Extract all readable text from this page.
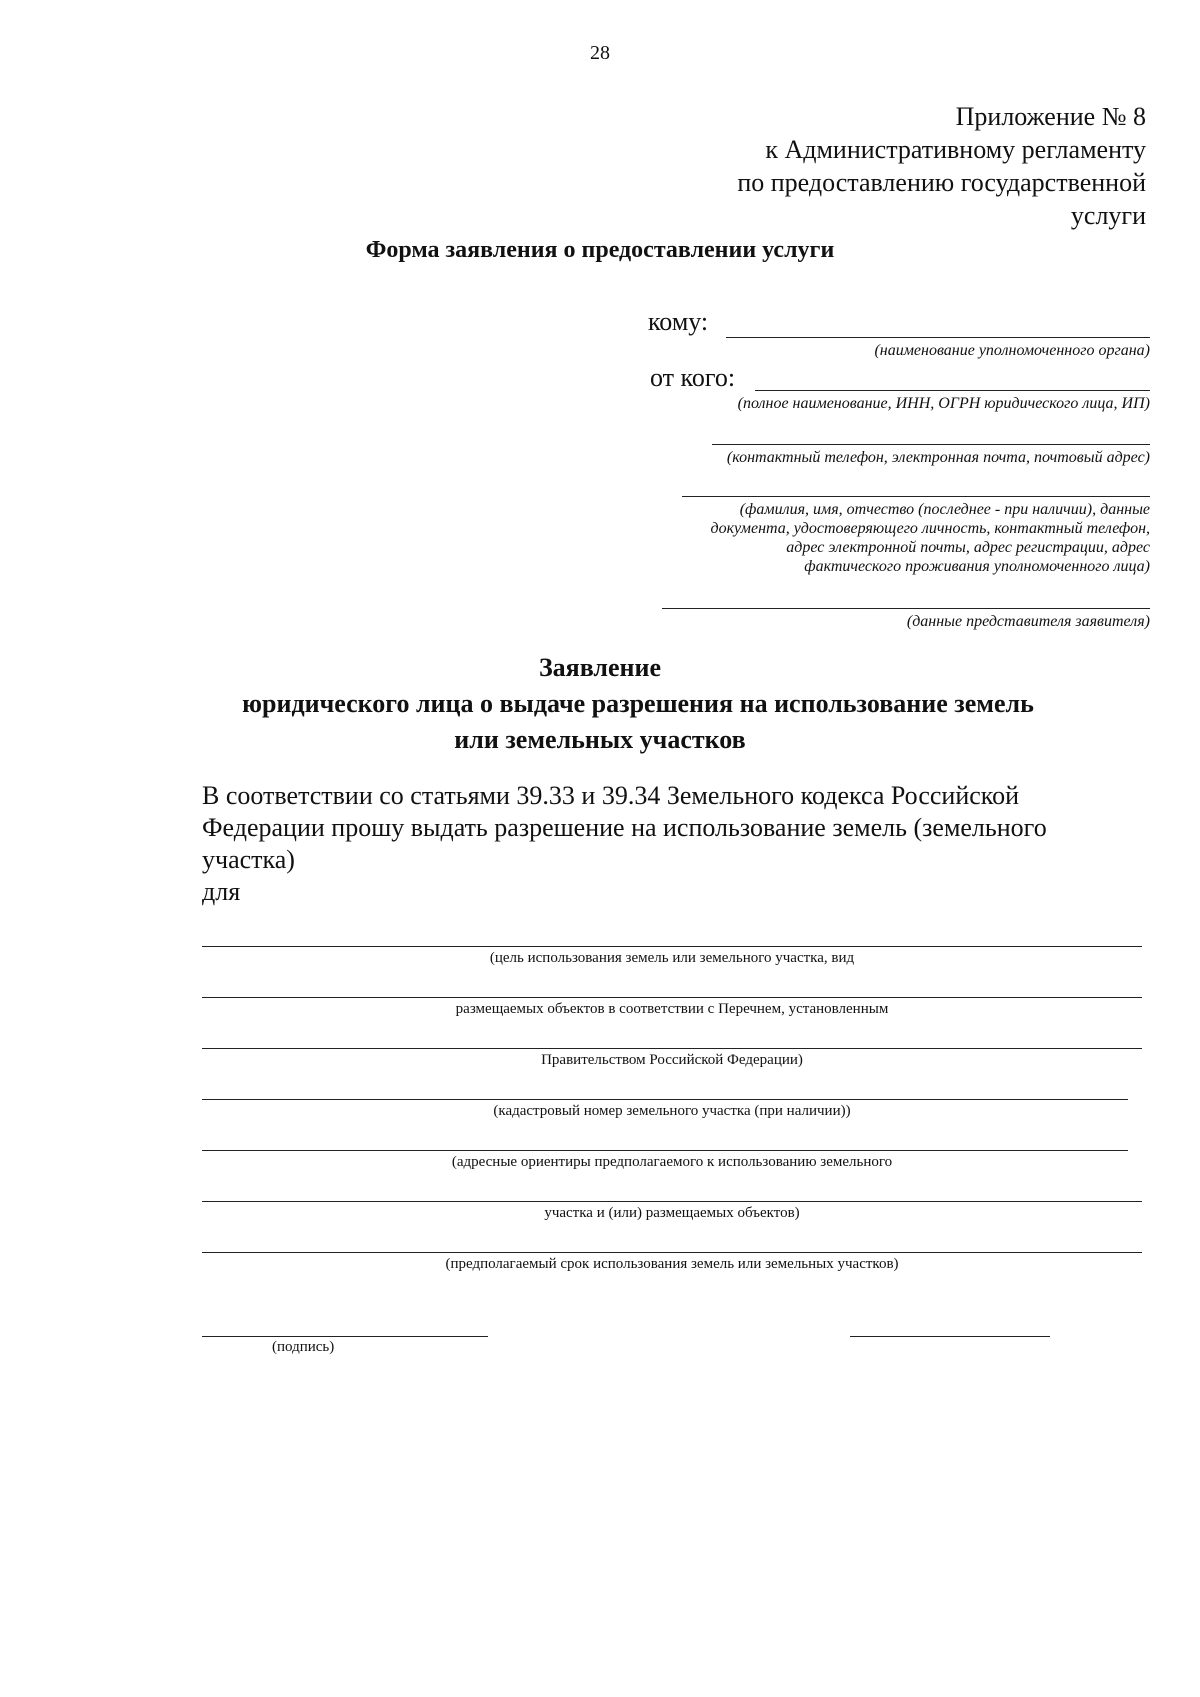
28
Приложение № 8
к Административному регламенту
по предоставлению государственной
услуги
Форма заявления о предоставлении услуги
кому:
(наименование уполномоченного органа)
от кого:
(полное наименование, ИНН, ОГРН юридического лица, ИП)
(контактный телефон, электронная почта, почтовый адрес)
(фамилия, имя, отчество (последнее - при наличии), данные
документа, удостоверяющего личность, контактный телефон,
адрес электронной почты, адрес регистрации, адрес
фактического проживания уполномоченного лица)
(данные представителя заявителя)
Заявление
юридического лица о выдаче разрешения на использование земель
или земельных участков
В соответствии со статьями 39.33 и 39.34 Земельного кодекса Российской
Федерации прошу выдать разрешение на использование земель (земельного
участка)
для
(цель использования земель или земельного участка, вид
размещаемых объектов в соответствии с Перечнем, установленным
Правительством Российской Федерации)
(кадастровый номер земельного участка (при наличии))
(адресные ориентиры предполагаемого к использованию земельного
участка и (или) размещаемых объектов)
(предполагаемый срок использования земель или земельных участков)
(подпись)
